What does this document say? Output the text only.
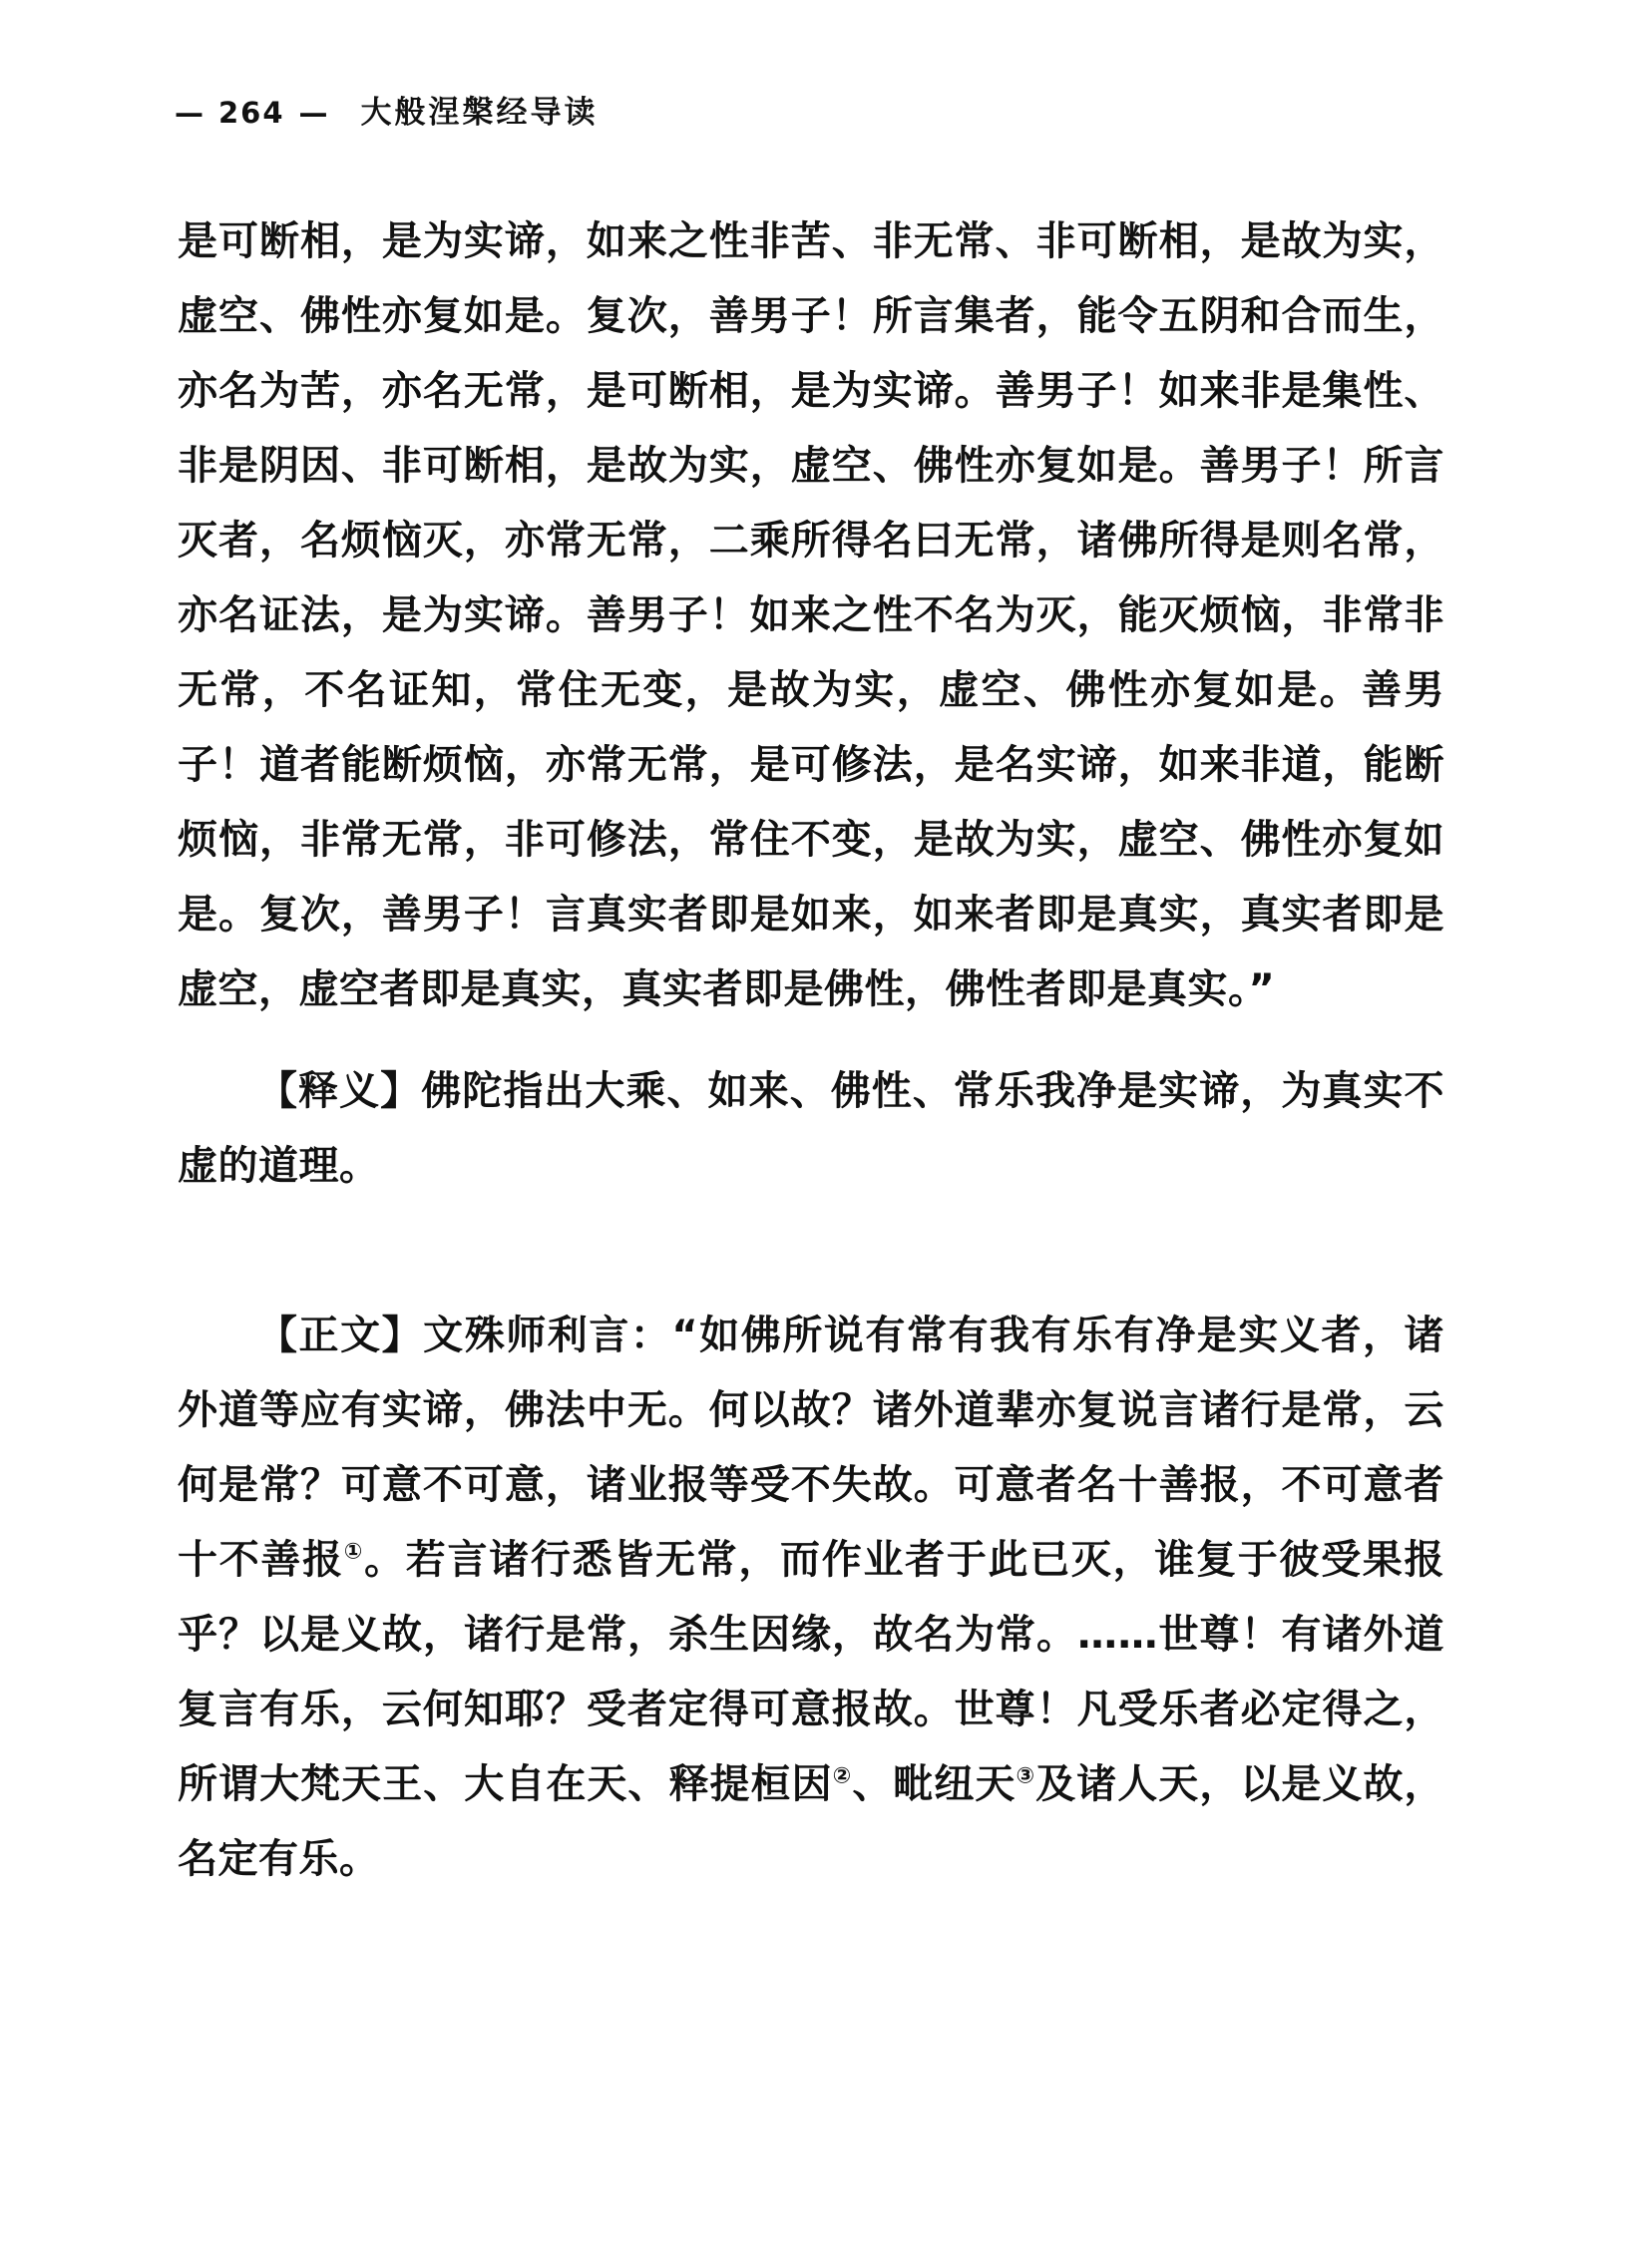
— 264 — 大般涅槃经导读

是可断相，是为实谛，如来之性非苦、非无常、非可断相，是故为实，虚空、佛性亦复如是。复次，善男子！所言集者，能令五阴和合而生，亦名为苦，亦名无常，是可断相，是为实谛。善男子！如来非是集性、非是阴因、非可断相，是故为实，虚空、佛性亦复如是。善男子！所言灭者，名烦恼灭，亦常无常，二乘所得名曰无常，诸佛所得是则名常，亦名证法，是为实谛。善男子！如来之性不名为灭，能灭烦恼，非常非无常，不名证知，常住无变，是故为实，虚空、佛性亦复如是。善男子！道者能断烦恼，亦常无常，是可修法，是名实谛，如来非道，能断烦恼，非常无常，非可修法，常住不变，是故为实，虚空、佛性亦复如是。复次，善男子！言真实者即是如来，如来者即是真实，真实者即是虚空，虚空者即是真实，真实者即是佛性，佛性者即是真实。”

【释义】佛陀指出大乘、如来、佛性、常乐我净是实谛，为真实不虚的道理。

【正文】文殊师利言：“如佛所说有常有我有乐有净是实义者，诸外道等应有实谛，佛法中无。何以故？诸外道辈亦复说言诸行是常，云何是常？可意不可意，诸业报等受不失故。可意者名十善报，不可意者十不善报①。若言诸行悉皆无常，而作业者于此已灭，谁复于彼受果报乎？以是义故，诸行是常，杀生因缘，故名为常。……世尊！有诸外道复言有乐，云何知耶？受者定得可意报故。世尊！凡受乐者必定得之，所谓大梵天王、大自在天、释提桓因②、毗纽天③及诸人天，以是义故，名定有乐。
